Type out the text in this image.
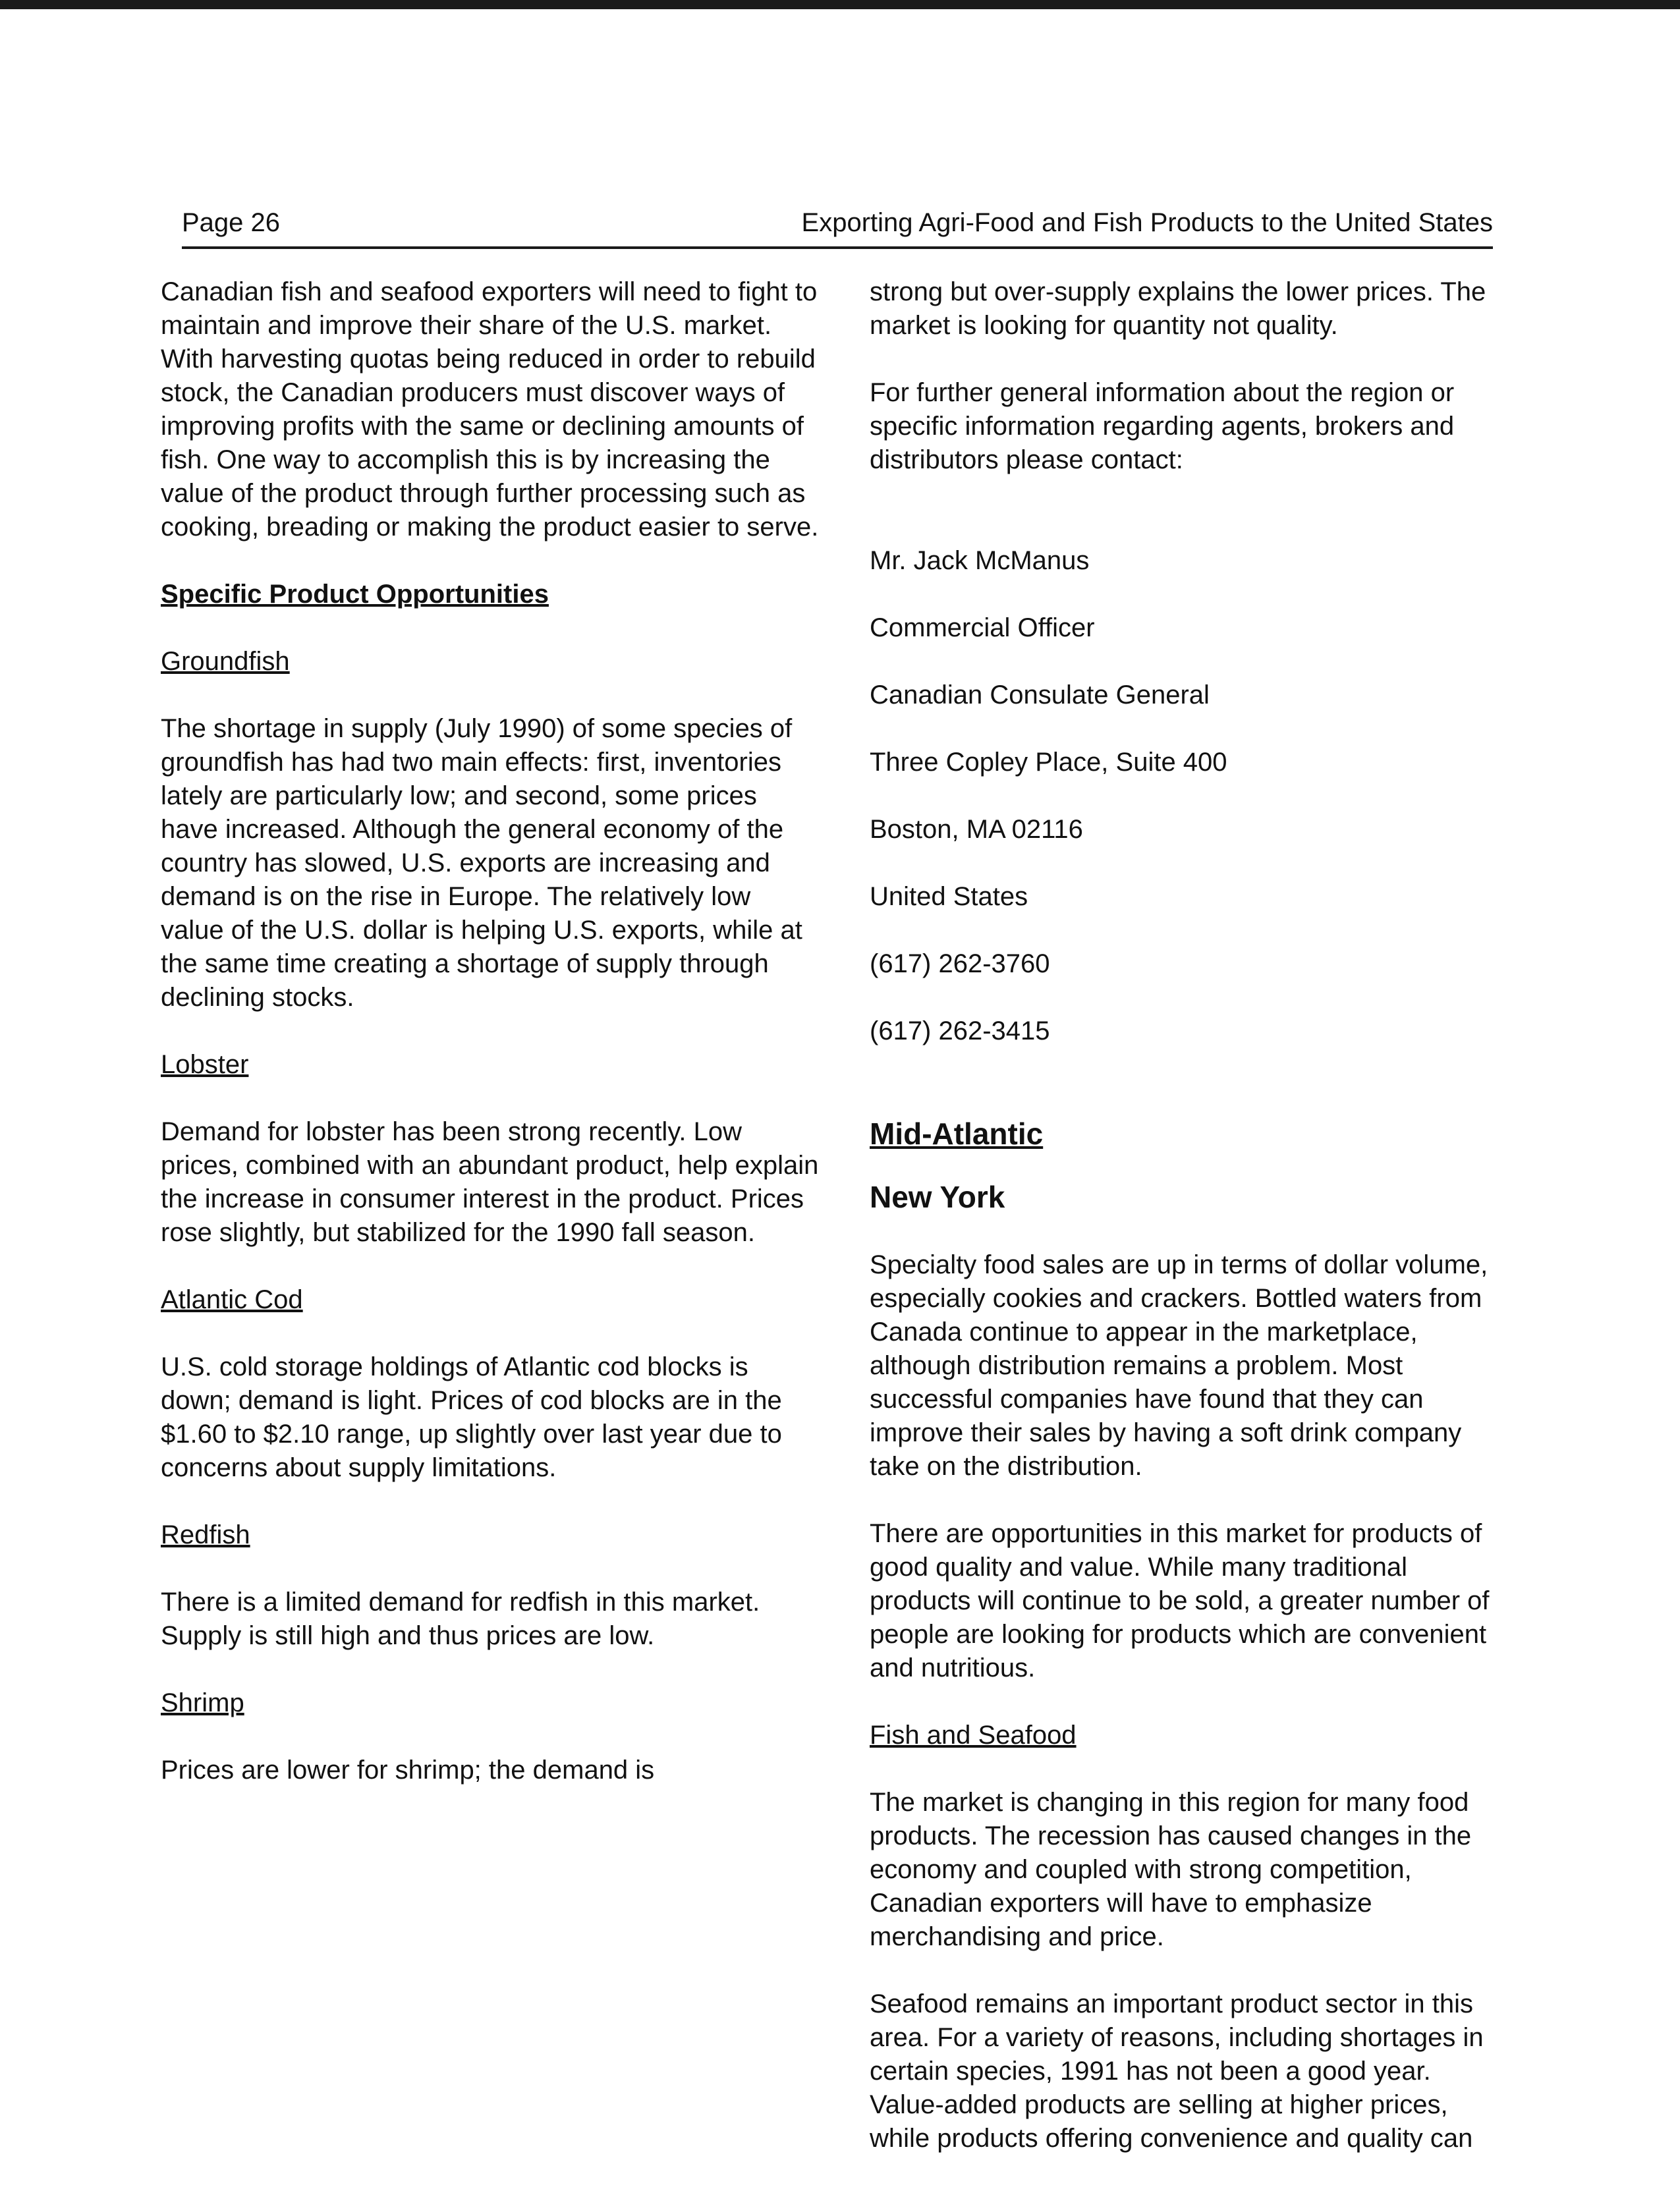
Page 26	Exporting Agri-Food and Fish Products to the United States

Canadian fish and seafood exporters will need to fight to maintain and improve their share of the U.S. market. With harvesting quotas being reduced in order to rebuild stock, the Canadian producers must discover ways of improving profits with the same or declining amounts of fish. One way to accomplish this is by increasing the value of the product through further processing such as cooking, breading or making the product easier to serve.

Specific Product Opportunities
Groundfish

The shortage in supply (July 1990) of some species of groundfish has had two main effects: first, inventories lately are particularly low; and second, some prices have increased. Although the general economy of the country has slowed, U.S. exports are increasing and demand is on the rise in Europe. The relatively low value of the U.S. dollar is helping U.S. exports, while at the same time creating a shortage of supply through declining stocks.

Lobster

Demand for lobster has been strong recently. Low prices, combined with an abundant product, help explain the increase in consumer interest in the product. Prices rose slightly, but stabilized for the 1990 fall season.

Atlantic Cod

U.S. cold storage holdings of Atlantic cod blocks is down; demand is light. Prices of cod blocks are in the $1.60 to $2.10 range, up slightly over last year due to concerns about supply limitations.

Redfish

There is a limited demand for redfish in this market. Supply is still high and thus prices are low.

Shrimp

Prices are lower for shrimp; the demand is

strong but over-supply explains the lower prices. The market is looking for quantity not quality.

For further general information about the region or specific information regarding agents, brokers and distributors please contact:

Mr. Jack McManus

Commercial Officer

Canadian Consulate General

Three Copley Place, Suite 400

Boston, MA 02116

United States

(617) 262-3760

(617) 262-3415

Mid-Atlantic
New York

Specialty food sales are up in terms of dollar volume, especially cookies and crackers. Bottled waters from Canada continue to appear in the marketplace, although distribution remains a problem. Most successful companies have found that they can improve their sales by having a soft drink company take on the distribution.

There are opportunities in this market for products of good quality and value. While many traditional products will continue to be sold, a greater number of people are looking for products which are convenient and nutritious.

Fish and Seafood

The market is changing in this region for many food products. The recession has caused changes in the economy and coupled with strong competition, Canadian exporters will have to emphasize merchandising and price.

Seafood remains an important product sector in this area. For a variety of reasons, including shortages in certain species, 1991 has not been a good year. Value-added products are selling at higher prices, while products offering convenience and quality can
